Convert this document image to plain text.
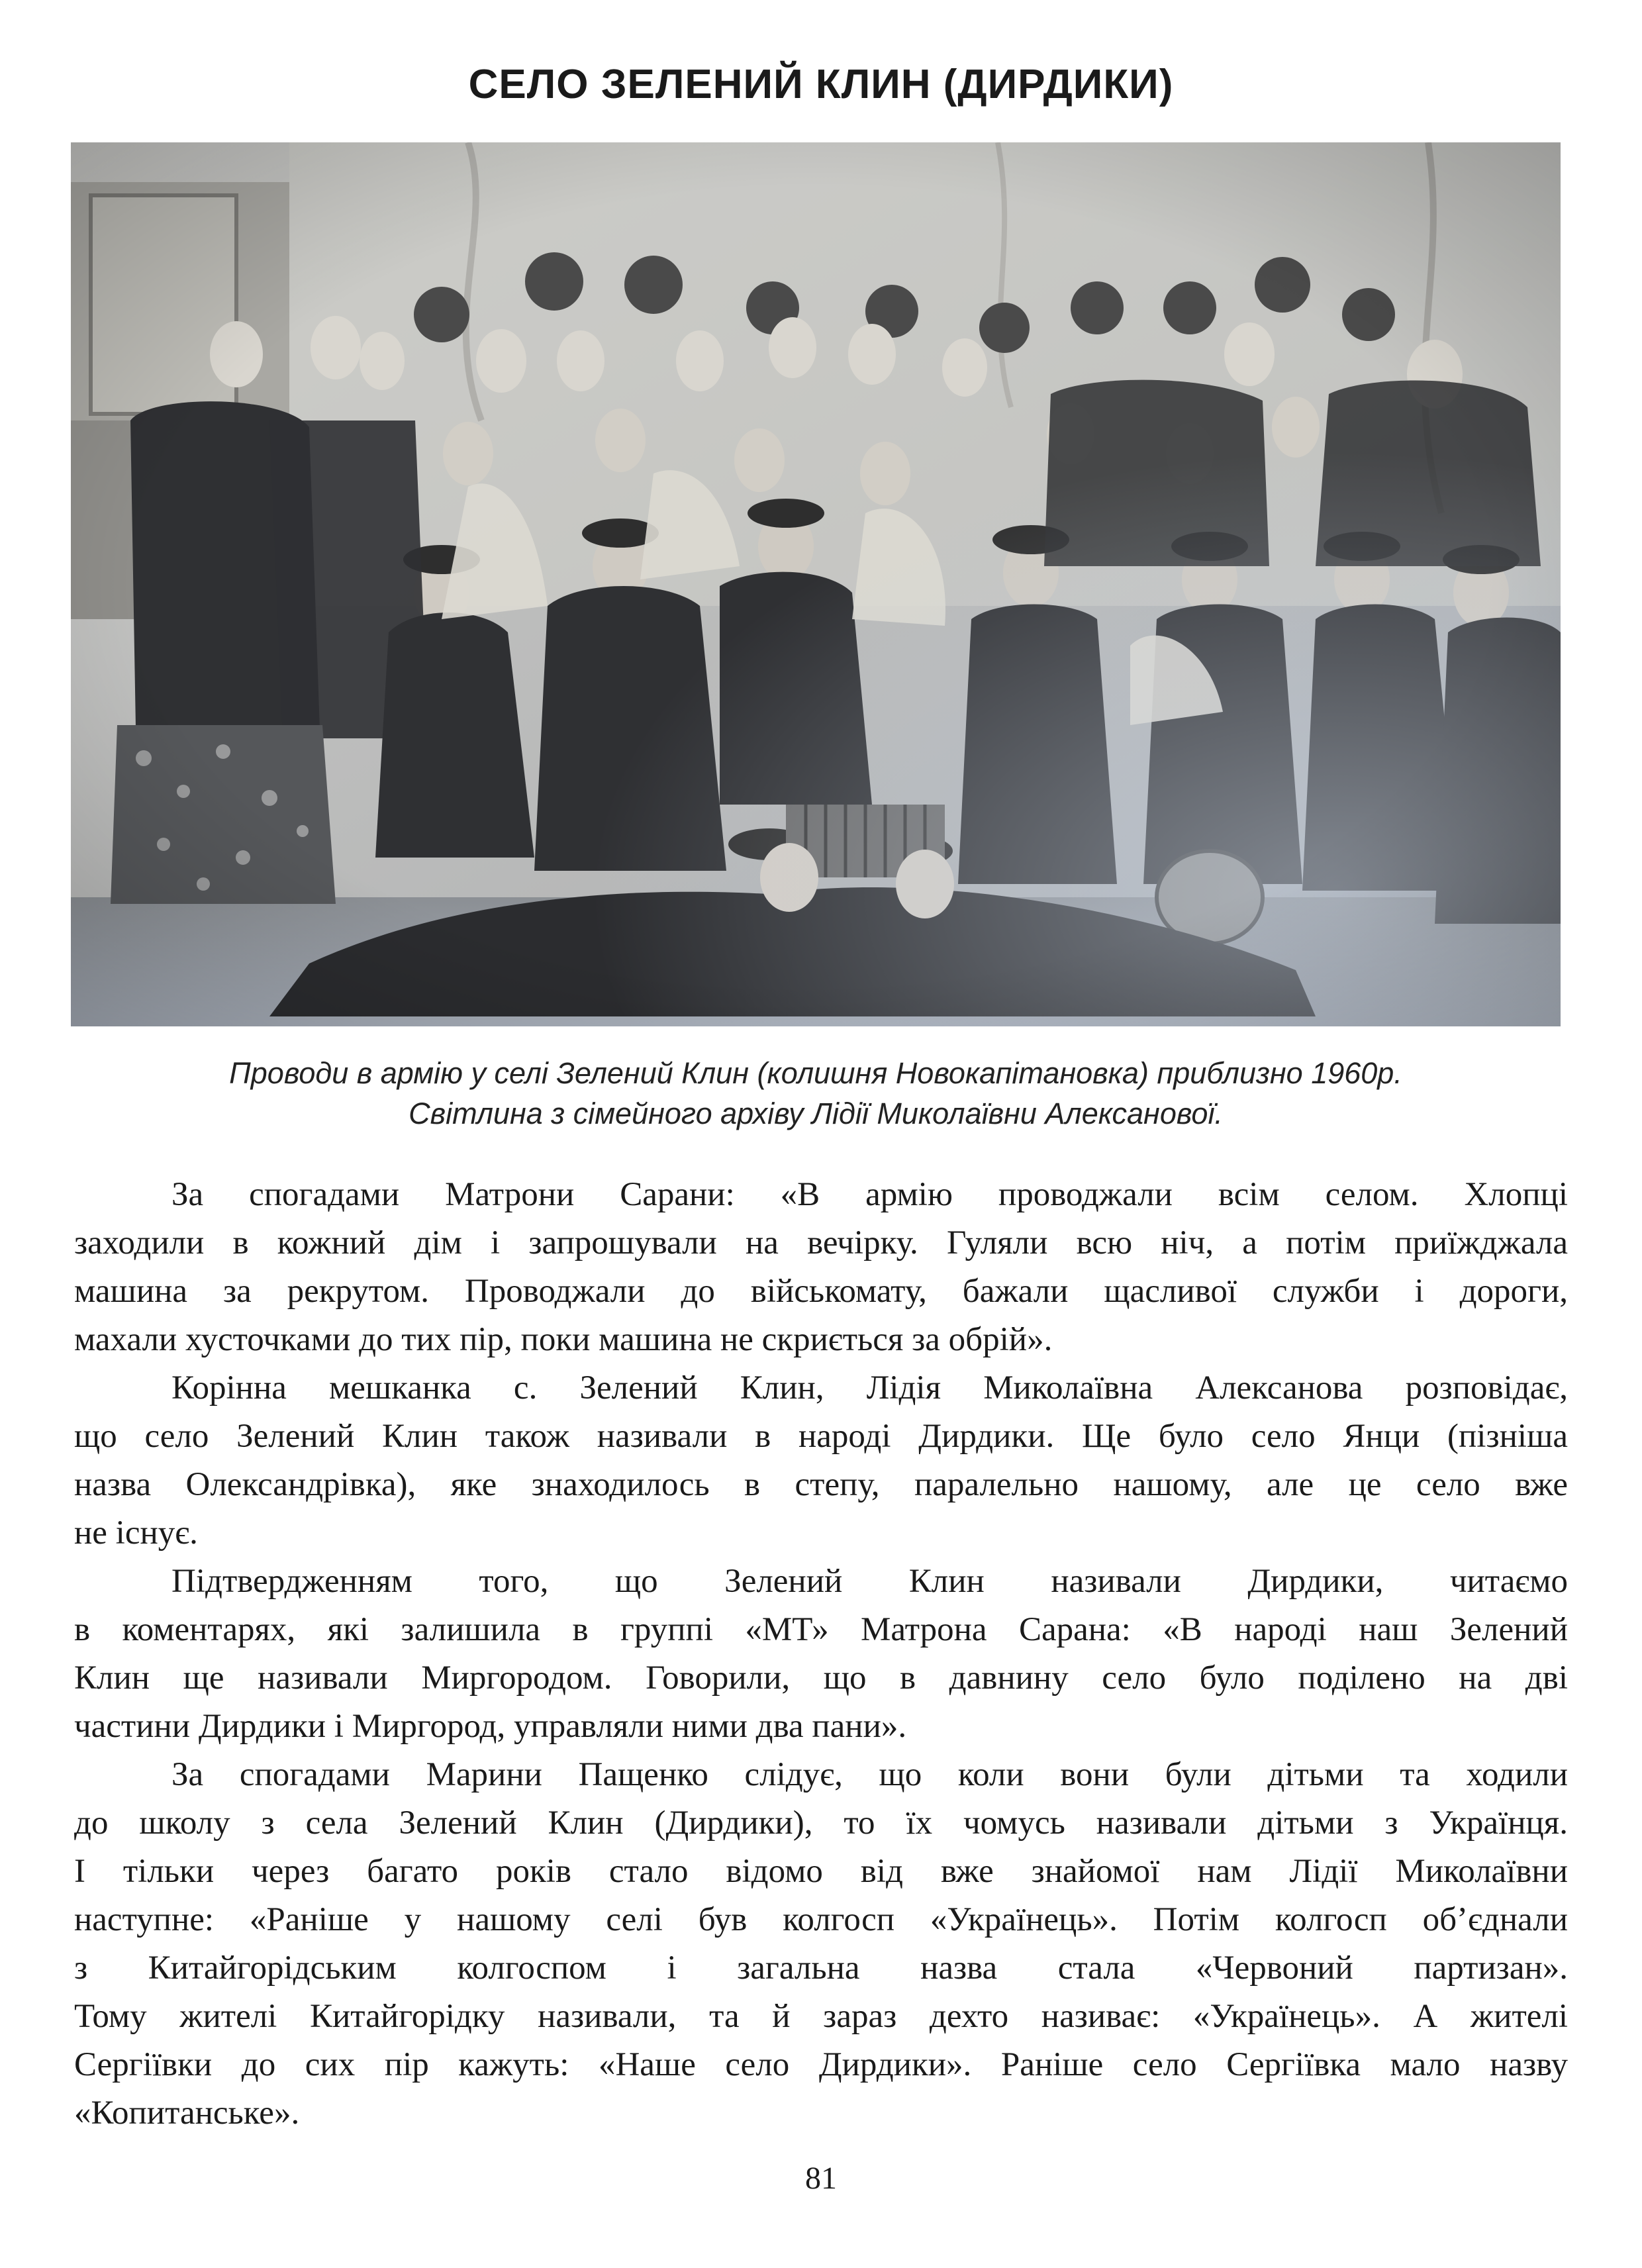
СЕЛО ЗЕЛЕНИЙ КЛИН (ДИРДИКИ)
Проводи в армію у селі Зелений Клин (колишня Новокапітановка) приблизно 1960р.
Світлина з сімейного архіву Лідії Миколаївни Алексанової.
За спогадами Матрони Сарани: «В армію проводжали всім селом. Хлопці
заходили в кожний дім і запрошували на вечірку. Гуляли всю ніч, а потім приїжджала
машина за рекрутом. Проводжали до військомату, бажали щасливої служби і дороги,
махали хусточками до тих пір, поки машина не скриється за обрій».
Корінна мешканка с. Зелений Клин, Лідія Миколаївна Алексанова розповідає,
що село Зелений Клин також називали в народі Дирдики. Ще було село Янци (пізніша
назва Олександрівка), яке знаходилось в степу, паралельно нашому, але це село вже
не існує.
Підтвердженням того, що Зелений Клин називали Дирдики, читаємо
в коментарях, які залишила в группі «МТ» Матрона Сарана: «В народі наш Зелений
Клин ще називали Миргородом. Говорили, що в давнину село було поділено на дві
частини Дирдики і Миргород, управляли ними два пани».
За спогадами Марини Пащенко слідує, що коли вони були дітьми та ходили
до школу з села Зелений Клин (Дирдики), то їх чомусь називали дітьми з Українця.
І тільки через багато років стало відомо від вже знайомої нам Лідії Миколаївни
наступне: «Раніше у нашому селі був колгосп «Українець». Потім колгосп об’єднали
з Китайгорідським колгоспом і загальна назва стала «Червоний партизан».
Тому жителі Китайгорідку називали, та й зараз дехто називає: «Українець». А жителі
Сергіївки до сих пір кажуть: «Наше село Дирдики». Раніше село Сергіївка мало назву
«Копитанське».
81
